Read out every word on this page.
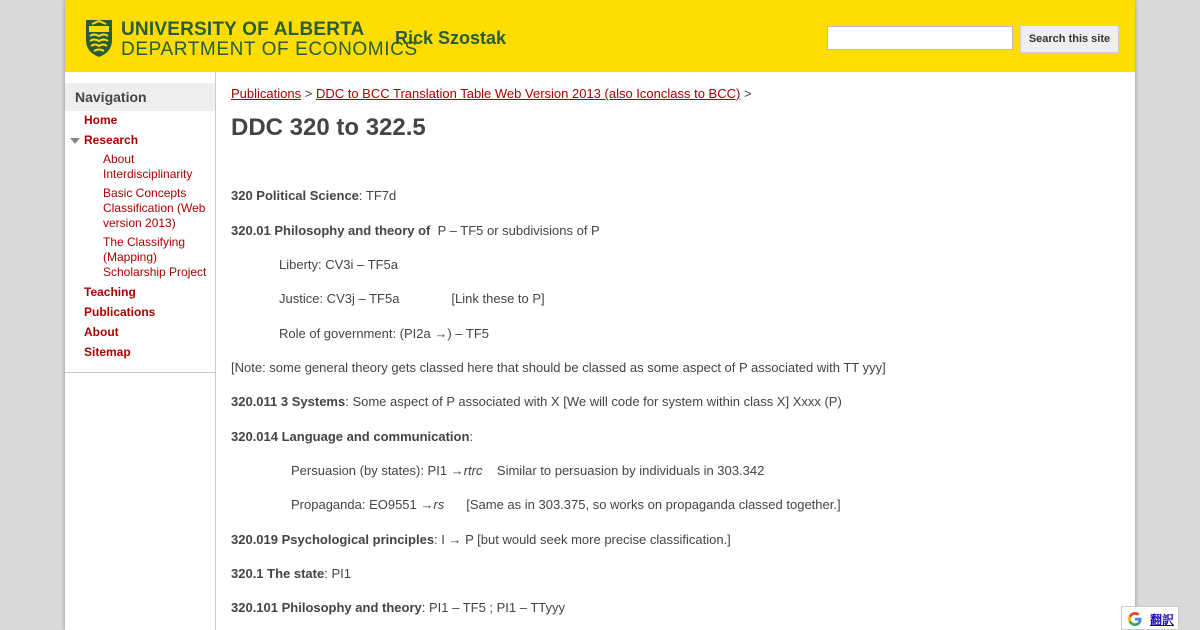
UNIVERSITY OF ALBERTA
DEPARTMENT OF ECONOMICS
Rick Szostak	Search this site
Navigation
Home
Research
About Interdisciplinarity
Basic Concepts Classification (Web version 2013)
The Classifying (Mapping) Scholarship Project
Teaching
Publications
About
Sitemap
Publications > DDC to BCC Translation Table Web Version 2013 (also Iconclass to BCC) >
DDC 320 to 322.5
320 Political Science: TF7d
320.01 Philosophy and theory of P – TF5 or subdivisions of P
Liberty: CV3i – TF5a
Justice: CV3j – TF5a	[Link these to P]
Role of government: (PI2a →) – TF5
[Note: some general theory gets classed here that should be classed as some aspect of P associated with TT yyy]
320.011 3 Systems: Some aspect of P associated with X [We will code for system within class X] Xxxx (P)
320.014 Language and communication:
Persuasion (by states): PI1 →rtrc Similar to persuasion by individuals in 303.342
Propaganda: EO9551 →rs [Same as in 303.375, so works on propaganda classed together.]
320.019 Psychological principles: I → P [but would seek more precise classification.]
320.1 The state: PI1
320.101 Philosophy and theory: PI1 – TF5 ; PI1 – TTyyy
翻訳
